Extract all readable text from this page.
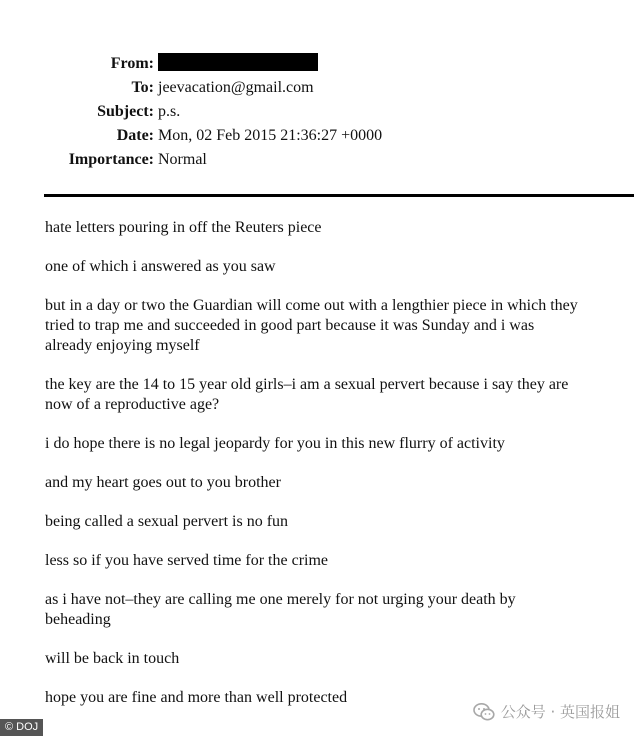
From:
To: jeevacation@gmail.com
Subject: p.s.
Date: Mon, 02 Feb 2015 21:36:27 +0000
Importance: Normal

hate letters pouring in off the Reuters piece

one of which i answered as you saw

but in a day or two the Guardian will come out with a lengthier piece in which they tried to trap me and succeeded in good part because it was Sunday and i was already enjoying myself

the key are the 14 to 15 year old girls–i am a sexual pervert because i say they are now of a reproductive age?

i do hope there is no legal jeopardy for you in this new flurry of activity

and my heart goes out to you brother

being called a sexual pervert is no fun

less so if you have served time for the crime

as i have not–they are calling me one merely for not urging your death by beheading

will be back in touch

hope you are fine and more than well protected

© DOJ
公众号 · 英国报姐
